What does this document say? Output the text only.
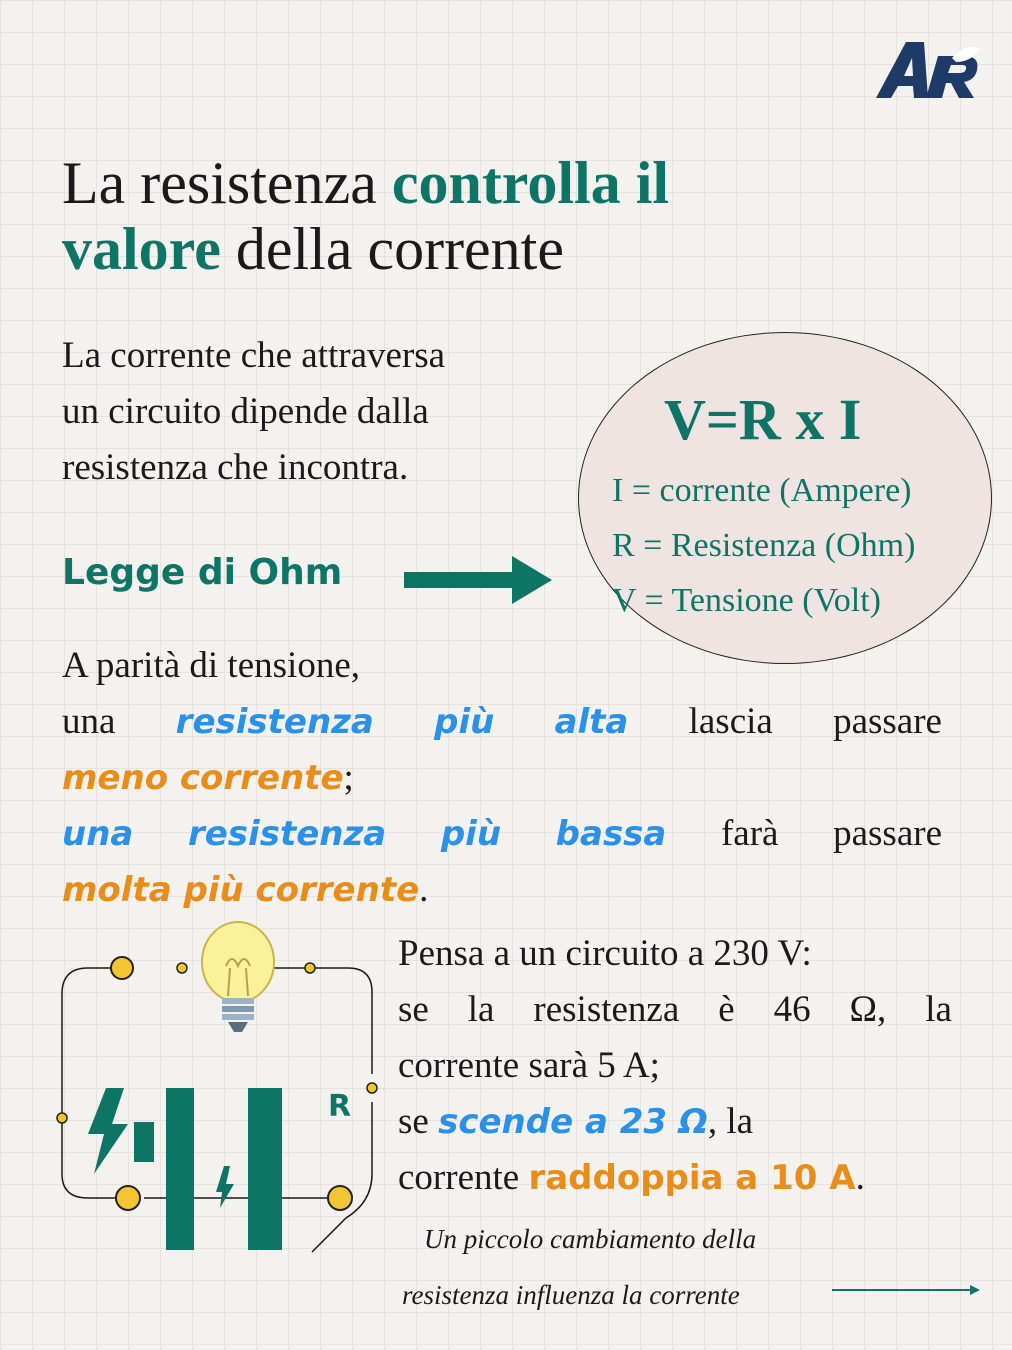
La resistenza controlla il
valore della corrente

La corrente che attraversa
un circuito dipende dalla
resistenza che incontra.

Legge di Ohm
V=R x I
I = corrente (Ampere)
R = Resistenza (Ohm)
V = Tensione (Volt)
A parità di tensione,
una resistenza più alta lascia passare
meno corrente;
una resistenza più bassa farà passare
molta più corrente.
R
Pensa a un circuito a 230 V:
se la resistenza è 46 Ω, la
corrente sarà 5 A;
se scende a 23 Ω, la
corrente raddoppia a 10 A.
Un piccolo cambiamento della
resistenza influenza la corrente
